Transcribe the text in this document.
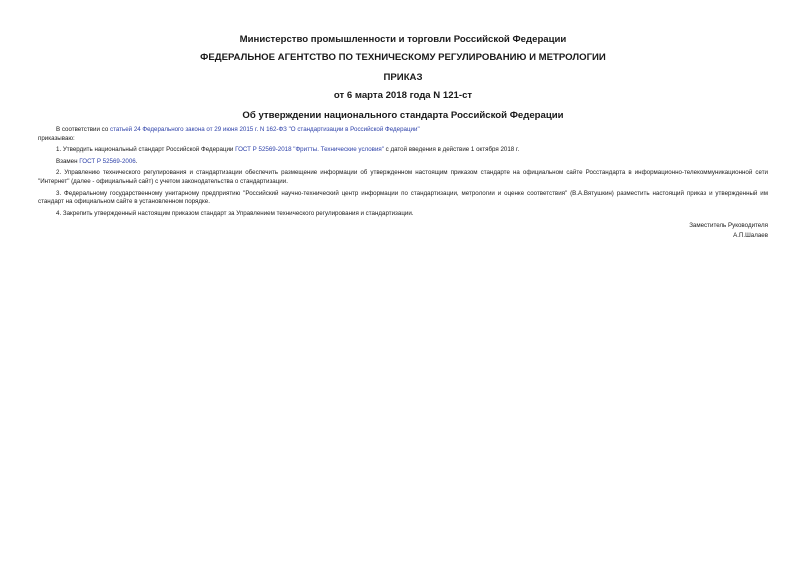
Министерство промышленности и торговли Российской Федерации

ФЕДЕРАЛЬНОЕ АГЕНТСТВО ПО ТЕХНИЧЕСКОМУ РЕГУЛИРОВАНИЮ И МЕТРОЛОГИИ

ПРИКАЗ

от 6 марта 2018 года N 121-ст

Об утверждении национального стандарта Российской Федерации

В соответствии со статьей 24 Федерального закона от 29 июня 2015 г. N 162-ФЗ "О стандартизации в Российской Федерации"

приказываю:

1. Утвердить национальный стандарт Российской Федерации ГОСТ Р 52569-2018 "Фритты. Технические условия" с датой введения в действие 1 октября 2018 г.

Взамен ГОСТ Р 52569-2006.

2. Управлению технического регулирования и стандартизации обеспечить размещение информации об утвержденном настоящим приказом стандарте на официальном сайте Росстандарта в информационно-телекоммуникационной сети "Интернет" (далее - официальный сайт) с учетом законодательства о стандартизации.

3. Федеральному государственному унитарному предприятию "Российский научно-технический центр информации по стандартизации, метрологии и оценке соответствия" (В.А.Вятушкин) разместить настоящий приказ и утвержденный им стандарт на официальном сайте в установленном порядке.

4. Закрепить утвержденный настоящим приказом стандарт за Управлением технического регулирования и стандартизации.

Заместитель Руководителя
А.П.Шалаев
